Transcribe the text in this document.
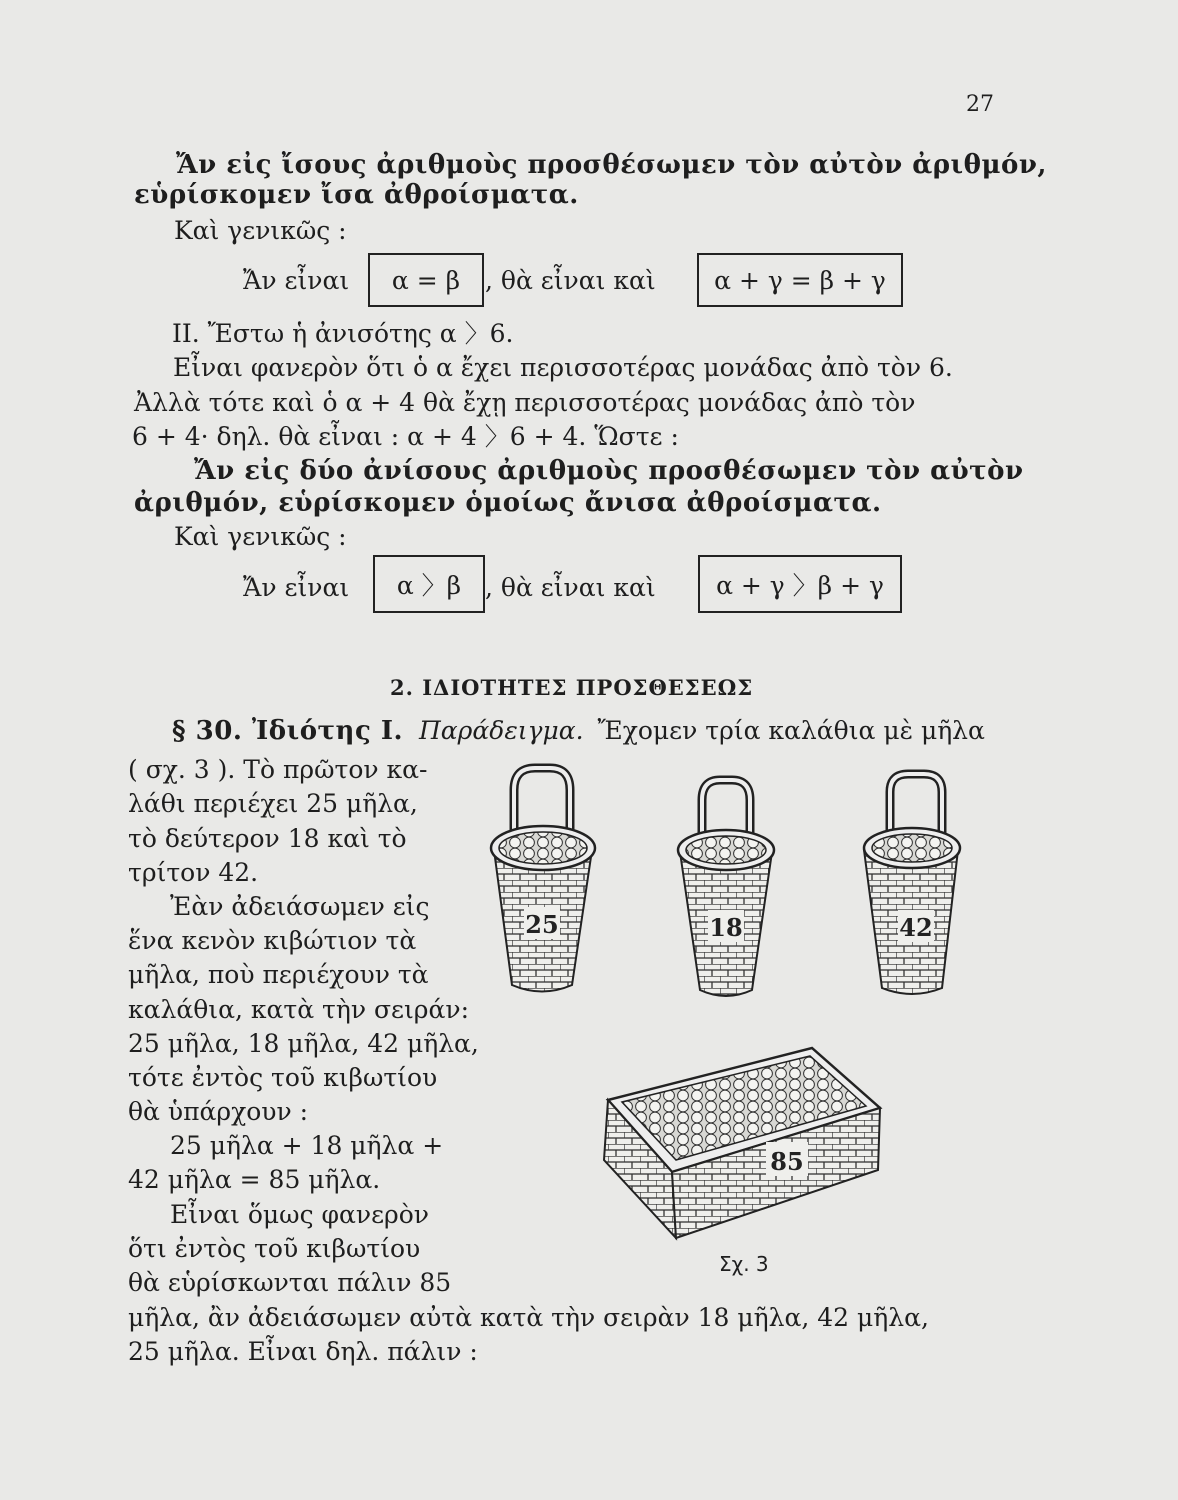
27
Ἄν εἰς ἴσους ἀριθμοὺς προσθέσωμεν τὸν αὐτὸν ἀριθμόν,
εὑρίσκομεν ἴσα ἀθροίσματα.
Καὶ γενικῶς :
Ἄν εἶναι	α = β , θὰ εἶναι καὶ	α + γ = β + γ
II. Ἔστω ἡ ἀνισότης α 〉6.
Εἶναι φανερὸν ὅτι ὁ α ἔχει περισσοτέρας μονάδας ἀπὸ τὸν 6.
Ἀλλὰ τότε καὶ ὁ α + 4 θὰ ἔχῃ περισσοτέρας μονάδας ἀπὸ τὸν
6 + 4· δηλ. θὰ εἶναι : α + 4 〉6 + 4. Ὥστε :
Ἄν εἰς δύο ἀνίσους ἀριθμοὺς προσθέσωμεν τὸν αὐτὸν
ἀριθμόν, εὑρίσκομεν ὁμοίως ἄνισα ἀθροίσματα.
Καὶ γενικῶς :
Ἄν εἶναι	α 〉β , θὰ εἶναι καὶ	α + γ 〉β + γ
2. ΙΔΙΟΤΗΤΕΣ ΠΡΟΣΘΕΣΕΩΣ
§ 30. Ἰδιότης I. Παράδειγμα. Ἔχομεν τρία καλάθια μὲ μῆλα
( σχ. 3 ). Τὸ πρῶτον κα-
λάθι περιέχει 25 μῆλα,
τὸ δεύτερον 18 καὶ τὸ
τρίτον 42.
Ἐὰν ἀδειάσωμεν εἰς
ἕνα κενὸν κιβώτιον τὰ
μῆλα, ποὺ περιέχουν τὰ
καλάθια, κατὰ τὴν σειράν:
25 μῆλα, 18 μῆλα, 42 μῆλα,
τότε ἐντὸς τοῦ κιβωτίου
θὰ ὑπάρχουν :
25 μῆλα + 18 μῆλα +
42 μῆλα = 85 μῆλα.
Εἶναι ὅμως φανερὸν
ὅτι ἐντὸς τοῦ κιβωτίου
θὰ εὑρίσκωνται πάλιν 85
μῆλα, ἂν ἀδειάσωμεν αὐτὰ κατὰ τὴν σειρὰν 18 μῆλα, 42 μῆλα,
25 μῆλα. Εἶναι δηλ. πάλιν :
25	18	42
85
Σχ. 3
